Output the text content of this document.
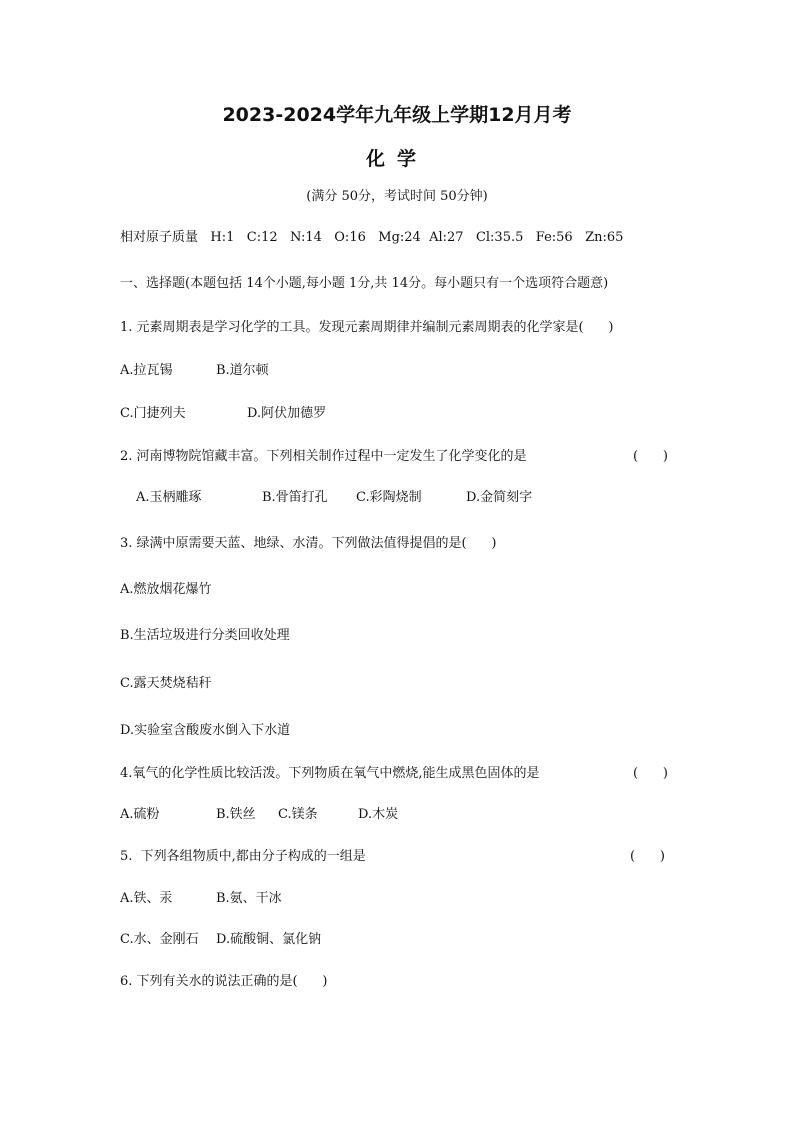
2023-2024学年九年级上学期12月月考
化学
(满分 50分，考试时间 50分钟)
相对原子质量   H:1   C:12   N:14   O:16   Mg:24  Al:27   Cl:35.5   Fe:56   Zn:65
一、选择题(本题包括 14个小题,每小题 1分,共 14分。每小题只有一个选项符合题意)
1. 元素周期表是学习化学的工具。发现元素周期律并编制元素周期表的化学家是(      )
A.拉瓦锡	B.道尔顿
C.门捷列夫	D.阿伏加德罗
2. 河南博物院馆藏丰富。下列相关制作过程中一定发生了化学变化的是	(      )
A.玉柄雕琢	B.骨笛打孔 C.彩陶烧制	D.金简刻字
3. 绿满中原需要天蓝、地绿、水清。下列做法值得提倡的是(      )
A.燃放烟花爆竹
B.生活垃圾进行分类回收处理
C.露天焚烧秸秆
D.实验室含酸废水倒入下水道
4.氧气的化学性质比较活泼。下列物质在氧气中燃烧,能生成黑色固体的是	(      )
A.硫粉	B.铁丝 C.镁条	D.木炭
5.  下列各组物质中,都由分子构成的一组是	(      )
A.铁、汞	B.氨、干冰
C.水、金刚石 D.硫酸铜、氯化钠
6. 下列有关水的说法正确的是(      )
